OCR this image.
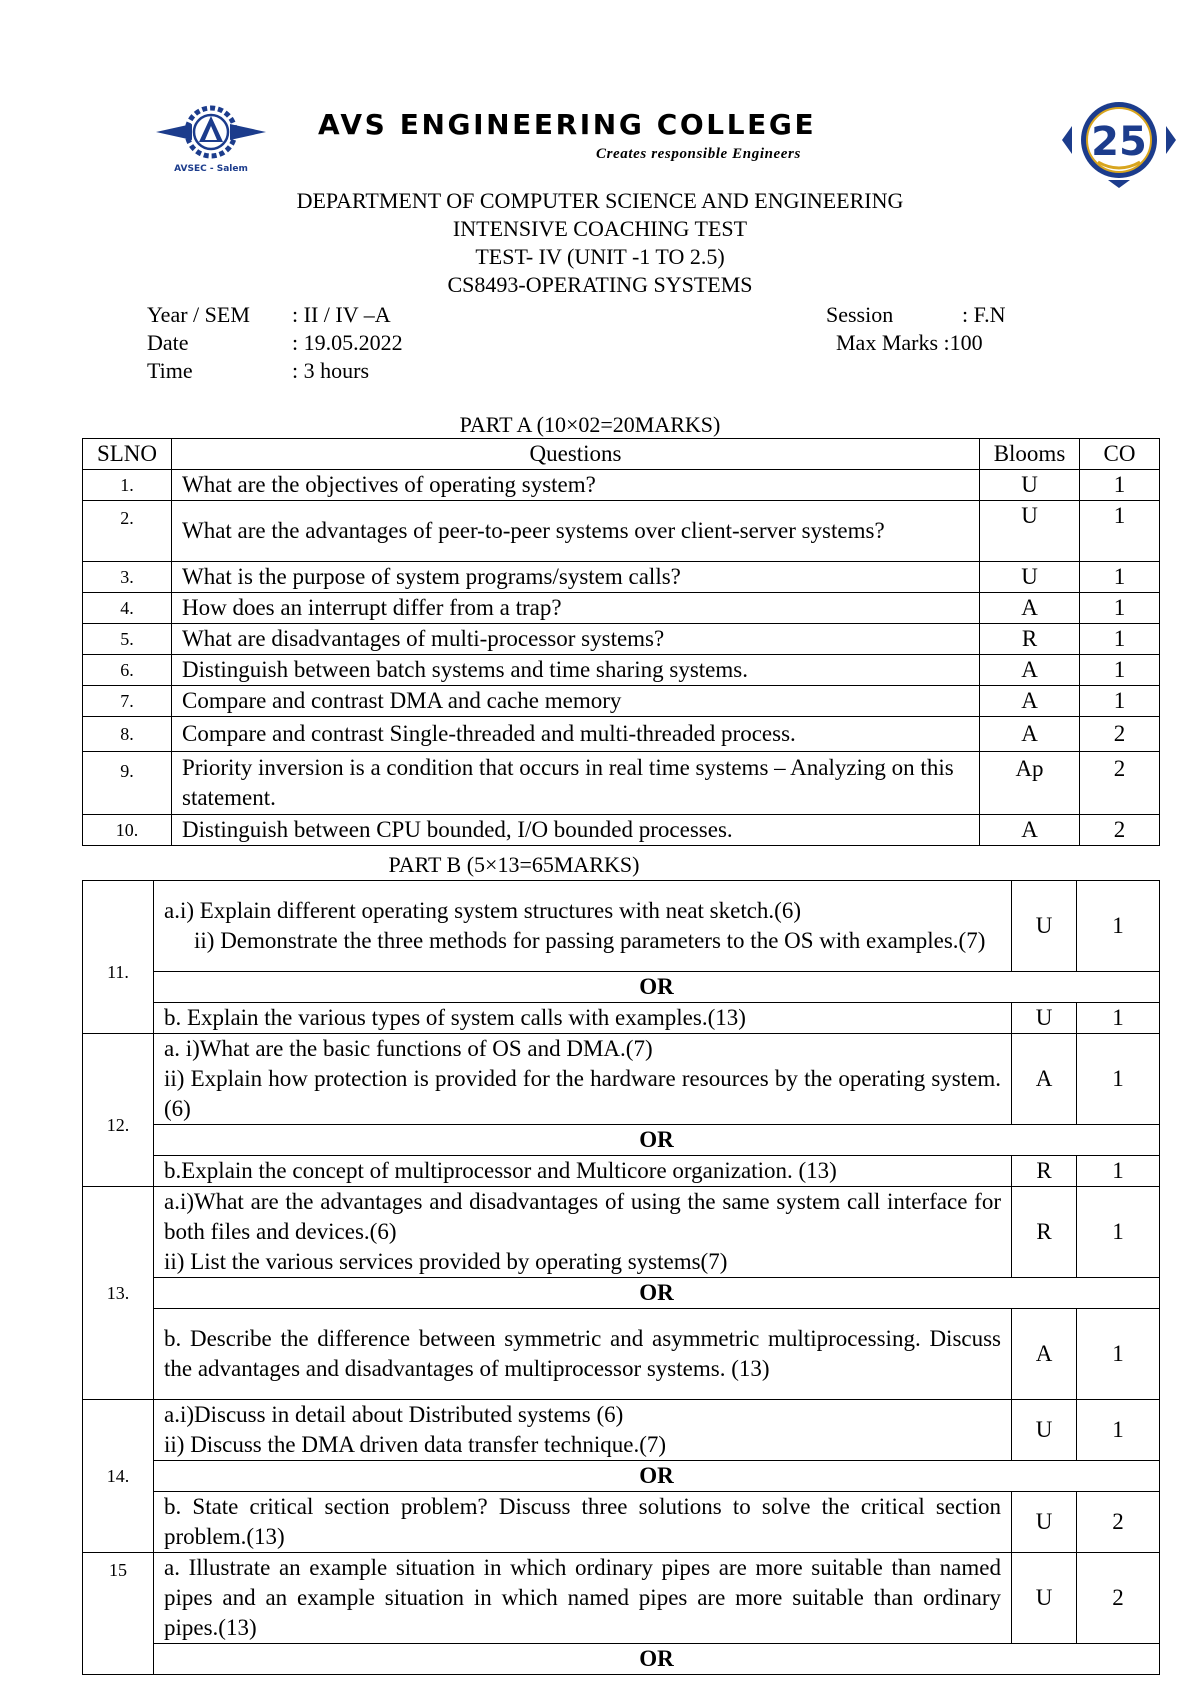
AVSEC - Salem
AVS ENGINEERING COLLEGE
Creates responsible Engineers	25
DEPARTMENT OF COMPUTER SCIENCE AND ENGINEERING
INTENSIVE COACHING TEST
TEST- IV (UNIT -1 TO 2.5)
CS8493-OPERATING SYSTEMS
Year / SEM : II / IV –A
Date	: 19.05.2022
Time	: 3 hours
Session	: F.N
Max Marks :100
PART A (10×02=20MARKS)
SLNO	Questions	Blooms	CO
1.	What are the objectives of operating system?	U	1
2.	What are the advantages of peer-to-peer systems over client-server systems?	U	1
3.	What is the purpose of system programs/system calls?	U	1
4.	How does an interrupt differ from a trap?	A	1
5.	What are disadvantages of multi-processor systems?	R	1
6.	Distinguish between batch systems and time sharing systems.	A	1
7.	Compare and contrast DMA and cache memory	A	1
8.	Compare and contrast Single-threaded and multi-threaded process.	A	2
9.	Priority inversion is a condition that occurs in real time systems – Analyzing on this statement.	Ap	2
10.	Distinguish between CPU bounded, I/O bounded processes.	A	2
PART B (5×13=65MARKS)
11.	a.i) Explain different operating system structures with neat sketch.(6)
ii) Demonstrate the three methods for passing parameters to the OS with examples.(7)	U	1
	OR		
	b. Explain the various types of system calls with examples.(13)	U	1
12.	a. i)What are the basic functions of OS and DMA.(7)
ii) Explain how protection is provided for the hardware resources by the operating system.(6)	A	1
	OR		
	b.Explain the concept of multiprocessor and Multicore organization. (13)	R	1
13.	a.i)What are the advantages and disadvantages of using the same system call interface for both files and devices.(6)
ii) List the various services provided by operating systems(7)	R	1
	OR		
	b. Describe the difference between symmetric and asymmetric multiprocessing. Discuss the advantages and disadvantages of multiprocessor systems. (13)	A	1
14.	a.i)Discuss in detail about Distributed systems (6)
ii) Discuss the DMA driven data transfer technique.(7)	U	1
	OR		
	b. State critical section problem? Discuss three solutions to solve the critical section problem.(13)	U	2
15	a. Illustrate an example situation in which ordinary pipes are more suitable than named pipes and an example situation in which named pipes are more suitable than ordinary pipes.(13)	U	2
	OR		
